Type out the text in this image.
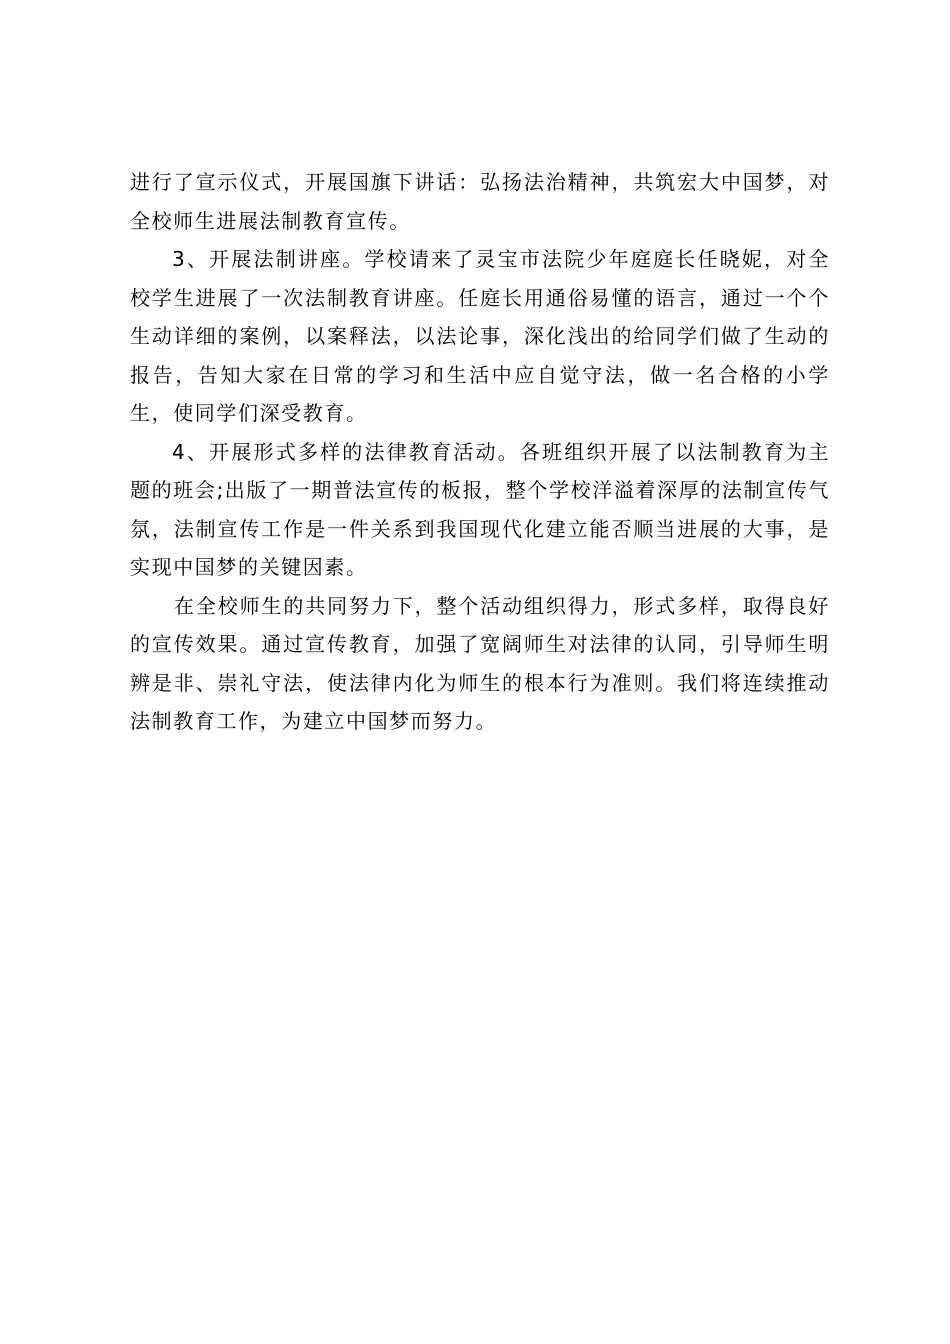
进行了宣示仪式，开展国旗下讲话：弘扬法治精神，共筑宏大中国梦，对全校师生进展法制教育宣传。

3、开展法制讲座。学校请来了灵宝市法院少年庭庭长任晓妮，对全校学生进展了一次法制教育讲座。任庭长用通俗易懂的语言，通过一个个生动详细的案例，以案释法，以法论事，深化浅出的给同学们做了生动的报告，告知大家在日常的学习和生活中应自觉守法，做一名合格的小学生，使同学们深受教育。

4、开展形式多样的法律教育活动。各班组织开展了以法制教育为主题的班会;出版了一期普法宣传的板报，整个学校洋溢着深厚的法制宣传气氛，法制宣传工作是一件关系到我国现代化建立能否顺当进展的大事，是实现中国梦的关键因素。

在全校师生的共同努力下，整个活动组织得力，形式多样，取得良好的宣传效果。通过宣传教育，加强了宽阔师生对法律的认同，引导师生明辨是非、崇礼守法，使法律内化为师生的根本行为准则。我们将连续推动法制教育工作，为建立中国梦而努力。
